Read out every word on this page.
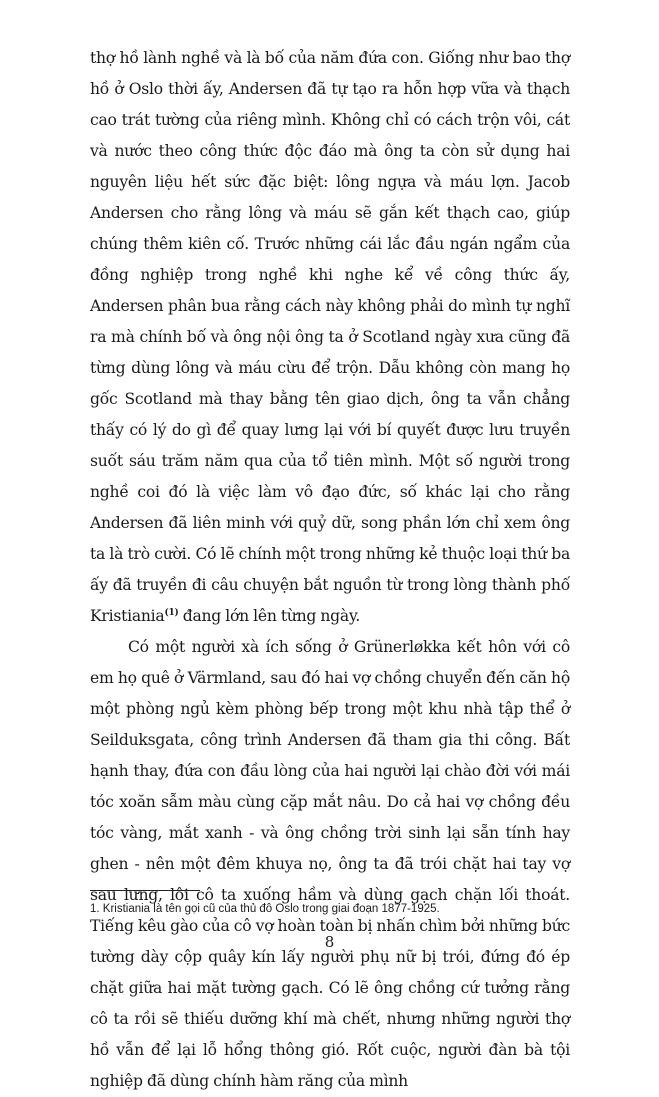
thợ hồ lành nghề và là bố của năm đứa con. Giống như bao thợ hồ ở Oslo thời ấy, Andersen đã tự tạo ra hỗn hợp vữa và thạch cao trát tường của riêng mình. Không chỉ có cách trộn vôi, cát và nước theo công thức độc đáo mà ông ta còn sử dụng hai nguyên liệu hết sức đặc biệt: lông ngựa và máu lợn. Jacob Andersen cho rằng lông và máu sẽ gắn kết thạch cao, giúp chúng thêm kiên cố. Trước những cái lắc đầu ngán ngẩm của đồng nghiệp trong nghề khi nghe kể về công thức ấy, Andersen phân bua rằng cách này không phải do mình tự nghĩ ra mà chính bố và ông nội ông ta ở Scotland ngày xưa cũng đã từng dùng lông và máu cừu để trộn. Dẫu không còn mang họ gốc Scotland mà thay bằng tên giao dịch, ông ta vẫn chẳng thấy có lý do gì để quay lưng lại với bí quyết được lưu truyền suốt sáu trăm năm qua của tổ tiên mình. Một số người trong nghề coi đó là việc làm vô đạo đức, số khác lại cho rằng Andersen đã liên minh với quỷ dữ, song phần lớn chỉ xem ông ta là trò cười. Có lẽ chính một trong những kẻ thuộc loại thứ ba ấy đã truyền đi câu chuyện bắt nguồn từ trong lòng thành phố Kristiania$^{(1)}$ đang lớn lên từng ngày.

Có một người xà ích sống ở Grünerløkka kết hôn với cô em họ quê ở Värmland, sau đó hai vợ chồng chuyển đến căn hộ một phòng ngủ kèm phòng bếp trong một khu nhà tập thể ở Seilduksgata, công trình Andersen đã tham gia thi công. Bất hạnh thay, đứa con đầu lòng của hai người lại chào đời với mái tóc xoăn sẫm màu cùng cặp mắt nâu. Do cả hai vợ chồng đều tóc vàng, mắt xanh - và ông chồng trời sinh lại sẵn tính hay ghen - nên một đêm khuya nọ, ông ta đã trói chặt hai tay vợ sau lưng, lôi cô ta xuống hầm và dùng gạch chặn lối thoát. Tiếng kêu gào của cô vợ hoàn toàn bị nhấn chìm bởi những bức tường dày cộp quây kín lấy người phụ nữ bị trói, đứng đó ép chặt giữa hai mặt tường gạch. Có lẽ ông chồng cứ tưởng rằng cô ta rồi sẽ thiếu dưỡng khí mà chết, nhưng những người thợ hồ vẫn để lại lỗ hổng thông gió. Rốt cuộc, người đàn bà tội nghiệp đã dùng chính hàm răng của mình

1. Kristiania là tên gọi cũ của thủ đô Oslo trong giai đoạn 1877-1925.
8
